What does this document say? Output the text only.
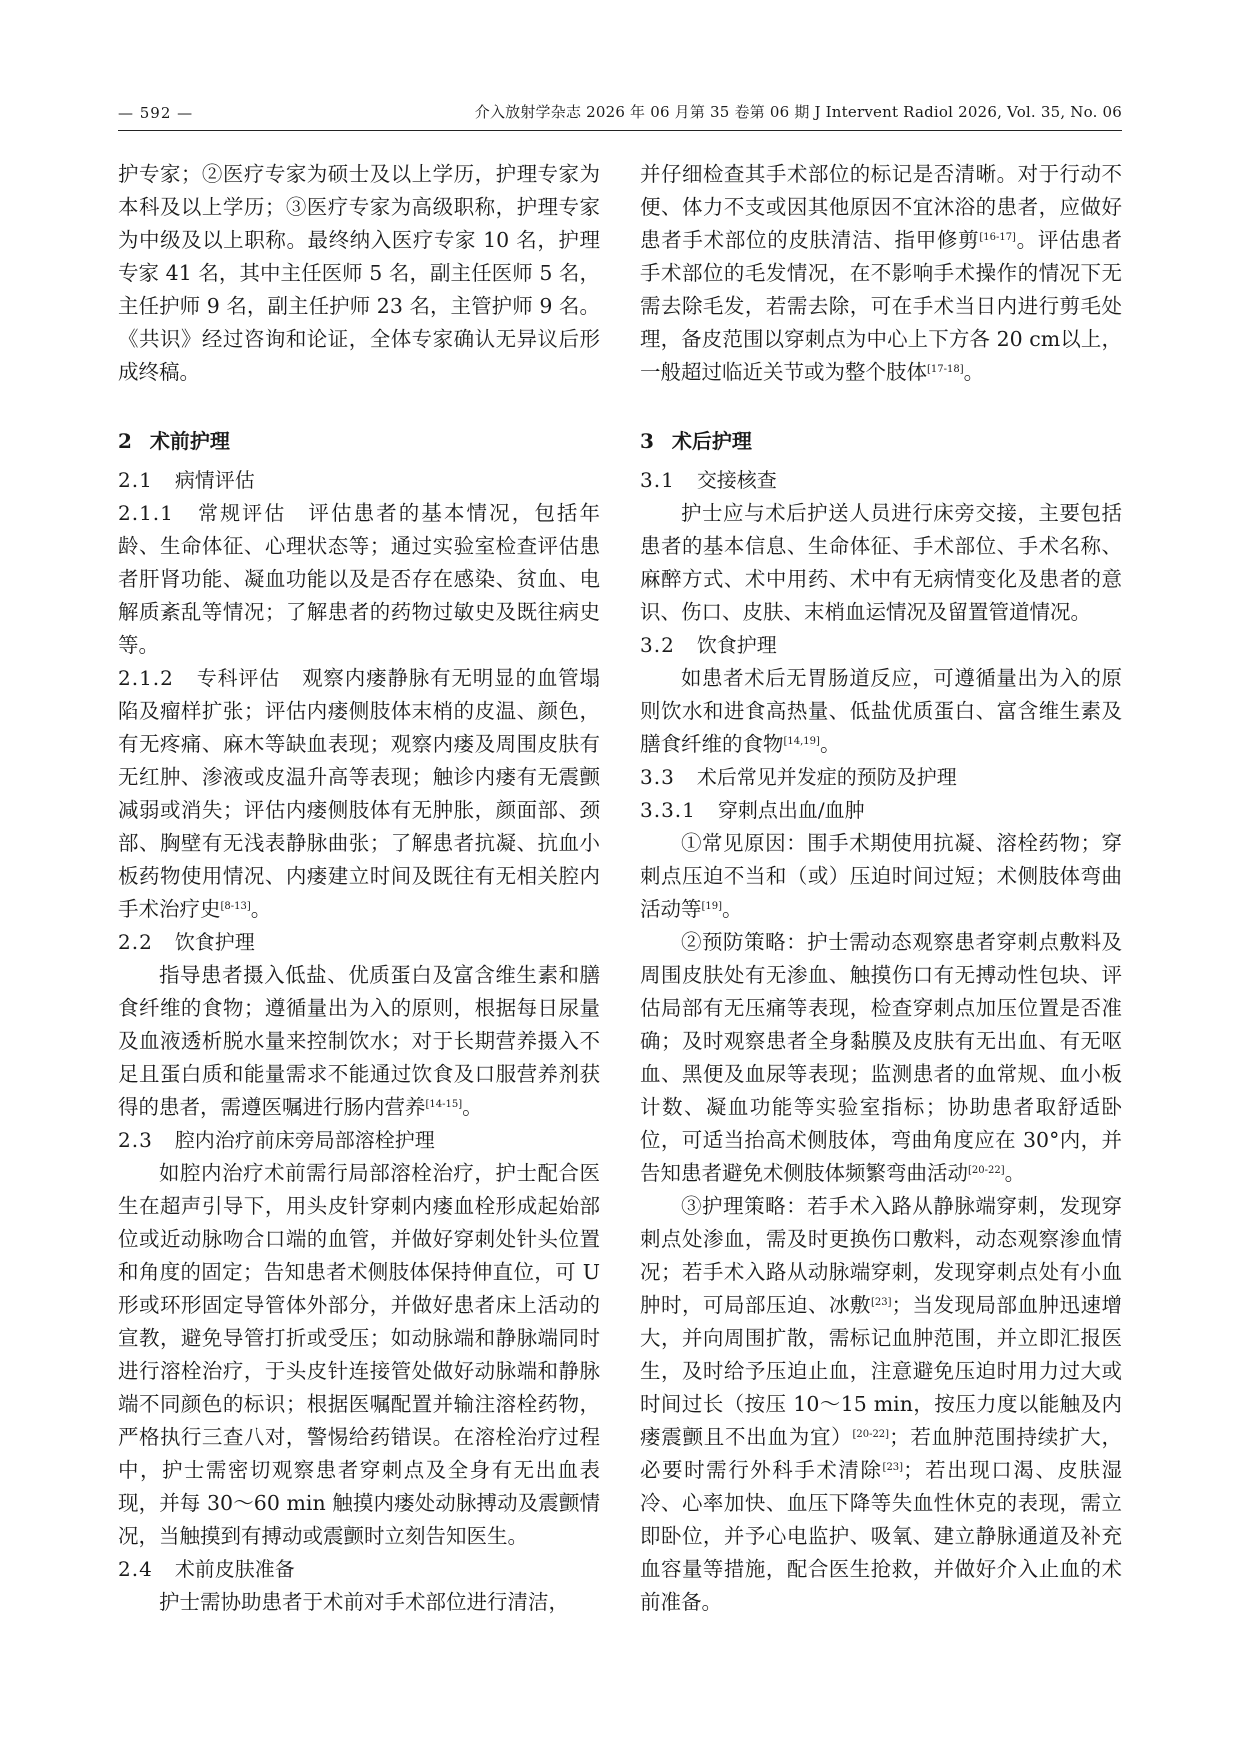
— 592 —	介入放射学杂志 2026 年 06 月第 35 卷第 06 期 J Intervent Radiol 2026, Vol. 35, No. 06

护专家；②医疗专家为硕士及以上学历，护理专家为本科及以上学历；③医疗专家为高级职称，护理专家为中级及以上职称。最终纳入医疗专家 10 名，护理专家 41 名，其中主任医师 5 名，副主任医师 5 名，主任护师 9 名，副主任护师 23 名，主管护师 9 名。《共识》经过咨询和论证，全体专家确认无异议后形成终稿。

2 术前护理

2.1 病情评估

2.1.1 常规评估 评估患者的基本情况，包括年龄、生命体征、心理状态等；通过实验室检查评估患者肝肾功能、凝血功能以及是否存在感染、贫血、电解质紊乱等情况；了解患者的药物过敏史及既往病史等。

2.1.2 专科评估 观察内瘘静脉有无明显的血管塌陷及瘤样扩张；评估内瘘侧肢体末梢的皮温、颜色，有无疼痛、麻木等缺血表现；观察内瘘及周围皮肤有无红肿、渗液或皮温升高等表现；触诊内瘘有无震颤减弱或消失；评估内瘘侧肢体有无肿胀，颜面部、颈部、胸壁有无浅表静脉曲张；了解患者抗凝、抗血小板药物使用情况、内瘘建立时间及既往有无相关腔内手术治疗史[8-13]。

2.2 饮食护理

指导患者摄入低盐、优质蛋白及富含维生素和膳食纤维的食物；遵循量出为入的原则，根据每日尿量及血液透析脱水量来控制饮水；对于长期营养摄入不足且蛋白质和能量需求不能通过饮食及口服营养剂获得的患者，需遵医嘱进行肠内营养[14-15]。

2.3 腔内治疗前床旁局部溶栓护理

如腔内治疗术前需行局部溶栓治疗，护士配合医生在超声引导下，用头皮针穿刺内瘘血栓形成起始部位或近动脉吻合口端的血管，并做好穿刺处针头位置和角度的固定；告知患者术侧肢体保持伸直位，可 U 形或环形固定导管体外部分，并做好患者床上活动的宣教，避免导管打折或受压；如动脉端和静脉端同时进行溶栓治疗，于头皮针连接管处做好动脉端和静脉端不同颜色的标识；根据医嘱配置并输注溶栓药物，严格执行三查八对，警惕给药错误。在溶栓治疗过程中，护士需密切观察患者穿刺点及全身有无出血表现，并每 30～60 min 触摸内瘘处动脉搏动及震颤情况，当触摸到有搏动或震颤时立刻告知医生。

2.4 术前皮肤准备

护士需协助患者于术前对手术部位进行清洁，

并仔细检查其手术部位的标记是否清晰。对于行动不便、体力不支或因其他原因不宜沐浴的患者，应做好患者手术部位的皮肤清洁、指甲修剪[16-17]。评估患者手术部位的毛发情况，在不影响手术操作的情况下无需去除毛发，若需去除，可在手术当日内进行剪毛处理，备皮范围以穿刺点为中心上下方各 20 cm以上，一般超过临近关节或为整个肢体[17-18]。

3 术后护理

3.1 交接核查

护士应与术后护送人员进行床旁交接，主要包括患者的基本信息、生命体征、手术部位、手术名称、麻醉方式、术中用药、术中有无病情变化及患者的意识、伤口、皮肤、末梢血运情况及留置管道情况。

3.2 饮食护理

如患者术后无胃肠道反应，可遵循量出为入的原则饮水和进食高热量、低盐优质蛋白、富含维生素及膳食纤维的食物[14,19]。

3.3 术后常见并发症的预防及护理

3.3.1 穿刺点出血/血肿

①常见原因：围手术期使用抗凝、溶栓药物；穿刺点压迫不当和（或）压迫时间过短；术侧肢体弯曲活动等[19]。

②预防策略：护士需动态观察患者穿刺点敷料及周围皮肤处有无渗血、触摸伤口有无搏动性包块、评估局部有无压痛等表现，检查穿刺点加压位置是否准确；及时观察患者全身黏膜及皮肤有无出血、有无呕血、黑便及血尿等表现；监测患者的血常规、血小板计数、凝血功能等实验室指标；协助患者取舒适卧位，可适当抬高术侧肢体，弯曲角度应在 30°内，并告知患者避免术侧肢体频繁弯曲活动[20-22]。

③护理策略：若手术入路从静脉端穿刺，发现穿刺点处渗血，需及时更换伤口敷料，动态观察渗血情况；若手术入路从动脉端穿刺，发现穿刺点处有小血肿时，可局部压迫、冰敷[23]；当发现局部血肿迅速增大，并向周围扩散，需标记血肿范围，并立即汇报医生，及时给予压迫止血，注意避免压迫时用力过大或时间过长（按压 10～15 min，按压力度以能触及内瘘震颤且不出血为宜）[20-22]；若血肿范围持续扩大，必要时需行外科手术清除[23]；若出现口渴、皮肤湿冷、心率加快、血压下降等失血性休克的表现，需立即卧位，并予心电监护、吸氧、建立静脉通道及补充血容量等措施，配合医生抢救，并做好介入止血的术前准备。
